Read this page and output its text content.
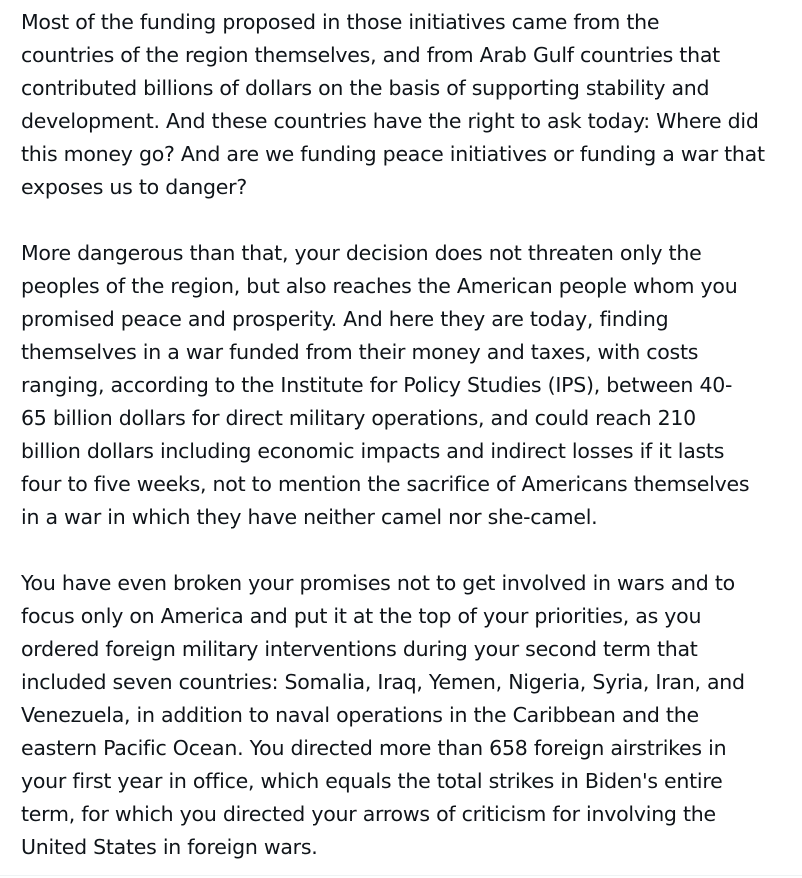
Most of the funding proposed in those initiatives came from the
countries of the region themselves, and from Arab Gulf countries that
contributed billions of dollars on the basis of supporting stability and
development. And these countries have the right to ask today: Where did
this money go? And are we funding peace initiatives or funding a war that
exposes us to danger?

More dangerous than that, your decision does not threaten only the
peoples of the region, but also reaches the American people whom you
promised peace and prosperity. And here they are today, finding
themselves in a war funded from their money and taxes, with costs
ranging, according to the Institute for Policy Studies (IPS), between 40-
65 billion dollars for direct military operations, and could reach 210
billion dollars including economic impacts and indirect losses if it lasts
four to five weeks, not to mention the sacrifice of Americans themselves
in a war in which they have neither camel nor she-camel.

You have even broken your promises not to get involved in wars and to
focus only on America and put it at the top of your priorities, as you
ordered foreign military interventions during your second term that
included seven countries: Somalia, Iraq, Yemen, Nigeria, Syria, Iran, and
Venezuela, in addition to naval operations in the Caribbean and the
eastern Pacific Ocean. You directed more than 658 foreign airstrikes in
your first year in office, which equals the total strikes in Biden's entire
term, for which you directed your arrows of criticism for involving the
United States in foreign wars.
